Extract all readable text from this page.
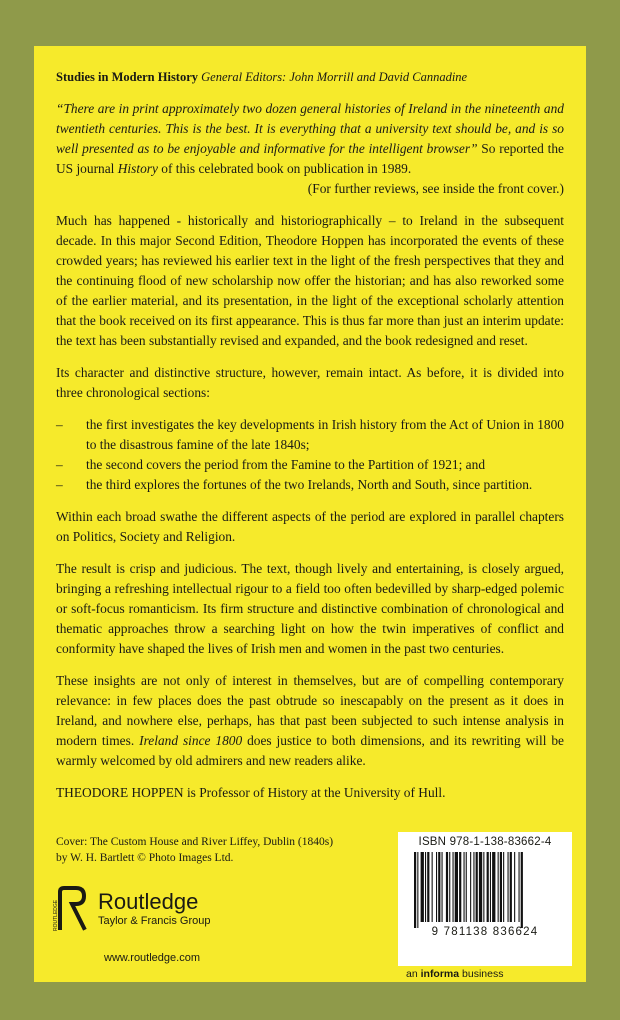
Studies in Modern History General Editors: John Morrill and David Cannadine

“There are in print approximately two dozen general histories of Ireland in the nineteenth and twentieth centuries. This is the best. It is everything that a university text should be, and is so well presented as to be enjoyable and informative for the intelligent browser” So reported the US journal History of this celebrated book on publication in 1989.

(For further reviews, see inside the front cover.)

Much has happened - historically and historiographically – to Ireland in the subsequent decade. In this major Second Edition, Theodore Hoppen has incorporated the events of these crowded years; has reviewed his earlier text in the light of the fresh perspectives that they and the continuing flood of new scholarship now offer the historian; and has also reworked some of the earlier material, and its presentation, in the light of the exceptional scholarly attention that the book received on its first appearance. This is thus far more than just an interim update: the text has been substantially revised and expanded, and the book redesigned and reset.

Its character and distinctive structure, however, remain intact. As before, it is divided into three chronological sections:

– the first investigates the key developments in Irish history from the Act of Union in 1800 to the disastrous famine of the late 1840s;
– the second covers the period from the Famine to the Partition of 1921; and
– the third explores the fortunes of the two Irelands, North and South, since partition.

Within each broad swathe the different aspects of the period are explored in parallel chapters on Politics, Society and Religion.

The result is crisp and judicious. The text, though lively and entertaining, is closely argued, bringing a refreshing intellectual rigour to a field too often bedevilled by sharp-edged polemic or soft-focus romanticism. Its firm structure and distinctive combination of chronological and thematic approaches throw a searching light on how the twin imperatives of conflict and conformity have shaped the lives of Irish men and women in the past two centuries.

These insights are not only of interest in themselves, but are of compelling contemporary relevance: in few places does the past obtrude so inescapably on the present as it does in Ireland, and nowhere else, perhaps, has that past been subjected to such intense analysis in modern times. Ireland since 1800 does justice to both dimensions, and its rewriting will be warmly welcomed by old admirers and new readers alike.

THEODORE HOPPEN is Professor of History at the University of Hull.
Cover: The Custom House and River Liffey, Dublin (1840s)
by W. H. Bartlett © Photo Images Ltd.
ROUTLEDGE Routledge
Taylor & Francis Group
www.routledge.com
ISBN 978-1-138-83662-4
9 781138 836624
an informa business
